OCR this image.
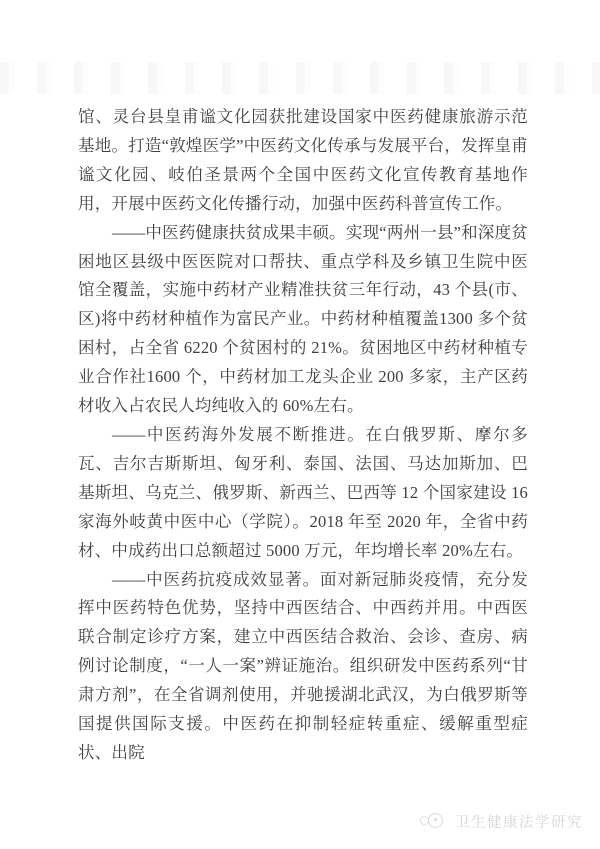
馆、灵台县皇甫谧文化园获批建设国家中医药健康旅游示范基地。打造“敦煌医学”中医药文化传承与发展平台，发挥皇甫谧文化园、岐伯圣景两个全国中医药文化宣传教育基地作用，开展中医药文化传播行动，加强中医药科普宣传工作。

——中医药健康扶贫成果丰硕。实现“两州一县”和深度贫困地区县级中医医院对口帮扶、重点学科及乡镇卫生院中医馆全覆盖，实施中药材产业精准扶贫三年行动，43 个县(市、区)将中药材种植作为富民产业。中药材种植覆盖1300 多个贫困村，占全省 6220 个贫困村的 21%。贫困地区中药材种植专业合作社1600 个，中药材加工龙头企业 200 多家，主产区药材收入占农民人均纯收入的 60%左右。

——中医药海外发展不断推进。在白俄罗斯、摩尔多瓦、吉尔吉斯斯坦、匈牙利、泰国、法国、马达加斯加、巴基斯坦、乌克兰、俄罗斯、新西兰、巴西等 12 个国家建设 16 家海外岐黄中医中心（学院）。2018 年至 2020 年，全省中药材、中成药出口总额超过 5000 万元，年均增长率 20%左右。

——中医药抗疫成效显著。面对新冠肺炎疫情，充分发挥中医药特色优势，坚持中西医结合、中西药并用。中西医联合制定诊疗方案，建立中西医结合救治、会诊、查房、病例讨论制度，“一人一案”辨证施治。组织研发中医药系列“甘肃方剂”，在全省调剂使用，并驰援湖北武汉，为白俄罗斯等国提供国际支援。中医药在抑制轻症转重症、缓解重型症状、出院

卫生健康法学研究
